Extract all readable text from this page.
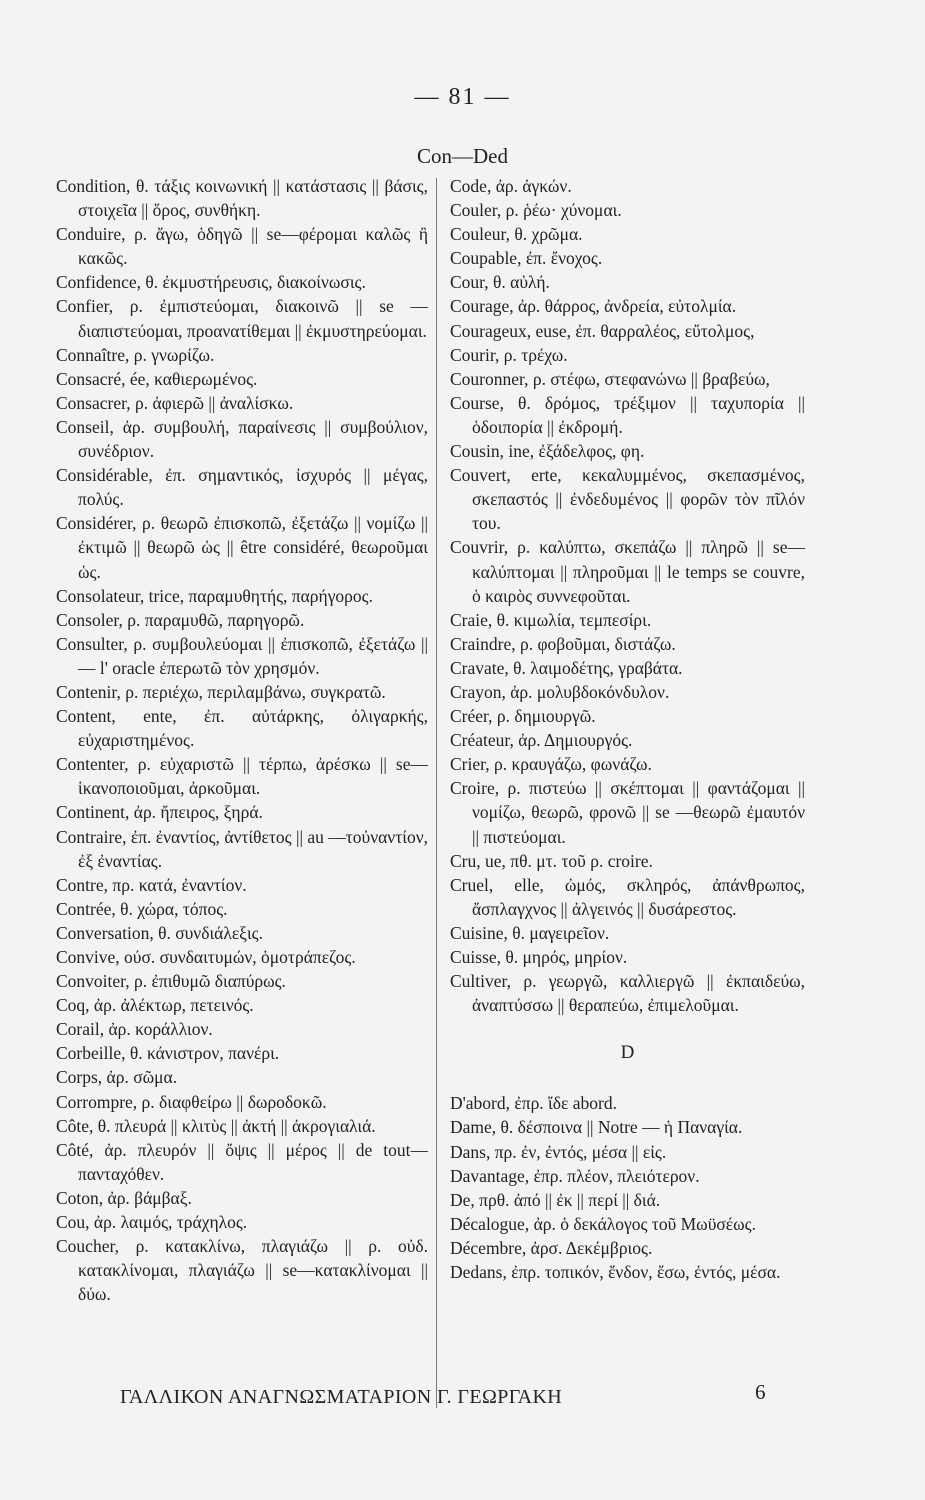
— 81 —
Con—Ded

Condition, θ. τάξις κοινωνική || κατάστασις || βάσις, στοιχεῖα || ὅρος, συνθήκη.

Conduire, ρ. ἄγω, ὁδηγῶ || se—φέρομαι καλῶς ἢ κακῶς.

Confidence, θ. ἐκμυστήρευσις, διακοίνωσις.

Confier, ρ. ἐμπιστεύομαι, διακοινῶ || se — διαπιστεύομαι, προανατίθεμαι || ἐκμυστηρεύομαι.

Connaître, ρ. γνωρίζω.

Consacré, ée, καθιερωμένος.

Consacrer, ρ. ἀφιερῶ || ἀναλίσκω.

Conseil, ἀρ. συμβουλή, παραίνεσις || συμβούλιον, συνέδριον.

Considérable, ἐπ. σημαντικός, ἰσχυρός || μέγας, πολύς.

Considérer, ρ. θεωρῶ ἐπισκοπῶ, ἐξετάζω || νομίζω || ἐκτιμῶ || θεωρῶ ὡς || être considéré, θεωροῦμαι ὡς.

Consolateur, trice, παραμυθητής, παρήγορος.

Consoler, ρ. παραμυθῶ, παρηγορῶ.

Consulter, ρ. συμβουλεύομαι || ἐπισκοπῶ, ἐξετάζω || — l' oracle ἐπερωτῶ τὸν χρησμόν.

Contenir, ρ. περιέχω, περιλαμβάνω, συγκρατῶ.

Content, ente, ἐπ. αὐτάρκης, ὀλιγαρκής, εὐχαριστημένος.

Contenter, ρ. εὐχαριστῶ || τέρπω, ἀρέσκω || se—ἱκανοποιοῦμαι, ἀρκοῦμαι.

Continent, ἀρ. ἤπειρος, ξηρά.

Contraire, ἐπ. ἐναντίος, ἀντίθετος || au —τοὐναντίον, ἐξ ἐναντίας.

Contre, πρ. κατά, ἐναντίον.

Contrée, θ. χώρα, τόπος.

Conversation, θ. συνδιάλεξις.

Convive, ούσ. συνδαιτυμών, ὁμοτράπεζος.

Convoiter, ρ. ἐπιθυμῶ διαπύρως.

Coq, ἀρ. ἀλέκτωρ, πετεινός.

Corail, ἀρ. κοράλλιον.

Corbeille, θ. κάνιστρον, πανέρι.

Corps, ἀρ. σῶμα.

Corrompre, ρ. διαφθείρω || δωροδοκῶ.

Côte, θ. πλευρά || κλιτὺς || ἀκτή || ἀκρογιαλιά.

Côté, ἀρ. πλευρόν || ὄψις || μέρος || de tout—πανταχόθεν.

Coton, ἀρ. βάμβαξ.

Cou, ἀρ. λαιμός, τράχηλος.

Coucher, ρ. κατακλίνω, πλαγιάζω || ρ. οὐδ. κατακλίνομαι, πλαγιάζω || se—κατακλίνομαι || δύω.

Code, ἀρ. ἀγκών.

Couler, ρ. ῥέω· χύνομαι.

Couleur, θ. χρῶμα.

Coupable, ἐπ. ἔνοχος.

Cour, θ. αὐλή.

Courage, ἀρ. θάρρος, ἀνδρεία, εὐτολμία.

Courageux, euse, ἐπ. θαρραλέος, εὔτολμος,

Courir, ρ. τρέχω.

Couronner, ρ. στέφω, στεφανώνω || βραβεύω,

Course, θ. δρόμος, τρέξιμον || ταχυπορία || ὁδοιπορία || ἐκδρομή.

Cousin, ine, ἐξάδελφος, φη.

Couvert, erte, κεκαλυμμένος, σκεπασμένος, σκεπαστός || ἐνδεδυμένος || φορῶν τὸν πῖλόν του.

Couvrir, ρ. καλύπτω, σκεπάζω || πληρῶ || se—καλύπτομαι || πληροῦμαι || le temps se couvre, ὁ καιρὸς συννεφοῦται.

Craie, θ. κιμωλία, τεμπεσίρι.

Craindre, ρ. φοβοῦμαι, διστάζω.

Cravate, θ. λαιμοδέτης, γραβάτα.

Crayon, ἀρ. μολυβδοκόνδυλον.

Créer, ρ. δημιουργῶ.

Créateur, ἀρ. Δημιουργός.

Crier, ρ. κραυγάζω, φωνάζω.

Croire, ρ. πιστεύω || σκέπτομαι || φαντάζομαι || νομίζω, θεωρῶ, φρονῶ || se —θεωρῶ ἐμαυτόν || πιστεύομαι.

Cru, ue, πθ. μτ. τοῦ ρ. croire.

Cruel, elle, ὠμός, σκληρός, ἀπάνθρωπος, ἄσπλαγχνος || ἀλγεινός || δυσάρεστος.

Cuisine, θ. μαγειρεῖον.

Cuisse, θ. μηρός, μηρίον.

Cultiver, ρ. γεωργῶ, καλλιεργῶ || ἐκπαιδεύω, ἀναπτύσσω || θεραπεύω, ἐπιμελοῦμαι.

D

D'abord, ἐπρ. ἴδε abord.

Dame, θ. δέσποινα || Notre — ἡ Παναγία.

Dans, πρ. ἐν, ἐντός, μέσα || εἰς.

Davantage, ἐπρ. πλέον, πλειότερον.

De, πρθ. ἀπό || ἐκ || περί || διά.

Décalogue, ἀρ. ὁ δεκάλογος τοῦ Μωϋσέως.

Décembre, ἀρσ. Δεκέμβριος.

Dedans, ἐπρ. τοπικόν, ἔνδον, ἔσω, ἐντός, μέσα.

ΓΑΛΛΙΚΟΝ ΑΝΑΓΝΩΣΜΑΤΑΡΙΟΝ Γ. ΓΕΩΡΓΑΚΗ	6
